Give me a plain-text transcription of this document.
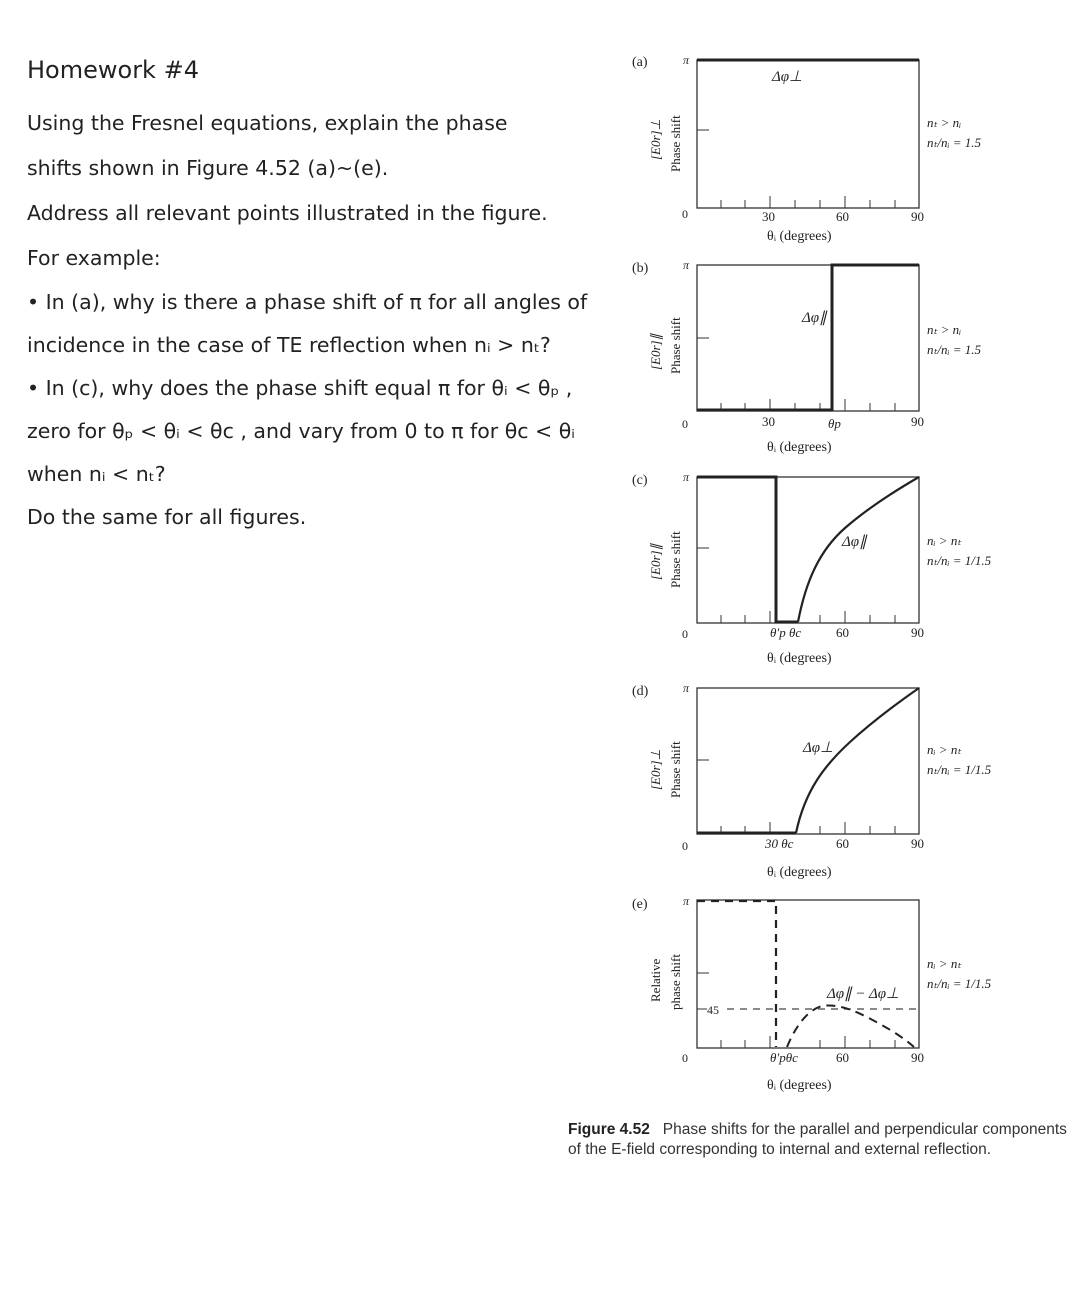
Homework #4

Using the Fresnel equations, explain the phase

shifts shown in Figure 4.52 (a)~(e).

Address all relevant points illustrated in the figure.

For example:

• In (a), why is there a phase shift of π for all angles of

incidence in the case of TE reflection when nᵢ > nₜ?

• In (c), why does the phase shift equal π for θᵢ < θₚ ,

zero for θₚ < θᵢ < θc , and vary from 0 to π for θc < θᵢ

when nᵢ < nₜ?

Do the same for all figures.

(a)
[E0r]⊥ Phase shift
π
0
Δφ⊥
30	60	90
θᵢ (degrees)
nₜ > nᵢ
nₜ/nᵢ = 1.5
(b)
[E0r]∥ Phase shift
π
0
Δφ∥
30	θp	90
θᵢ (degrees)
nₜ > nᵢ
nₜ/nᵢ = 1.5
(c)
[E0r]∥ Phase shift
π
0
Δφ∥
θ′p θc	60	90
θᵢ (degrees)
nᵢ > nₜ
nₜ/nᵢ = 1/1.5
(d)
[E0r]⊥ Phase shift
π
0
Δφ⊥
30 θc	60	90
θᵢ (degrees)
nᵢ > nₜ
nₜ/nᵢ = 1/1.5
(e)
Relative phase shift
π
0
45
Δφ∥ − Δφ⊥
θ′pθc	60	90
θᵢ (degrees)
nᵢ > nₜ
nₜ/nᵢ = 1/1.5
Figure 4.52 Phase shifts for the parallel and perpendicular components
of the E-field corresponding to internal and external reflection.
